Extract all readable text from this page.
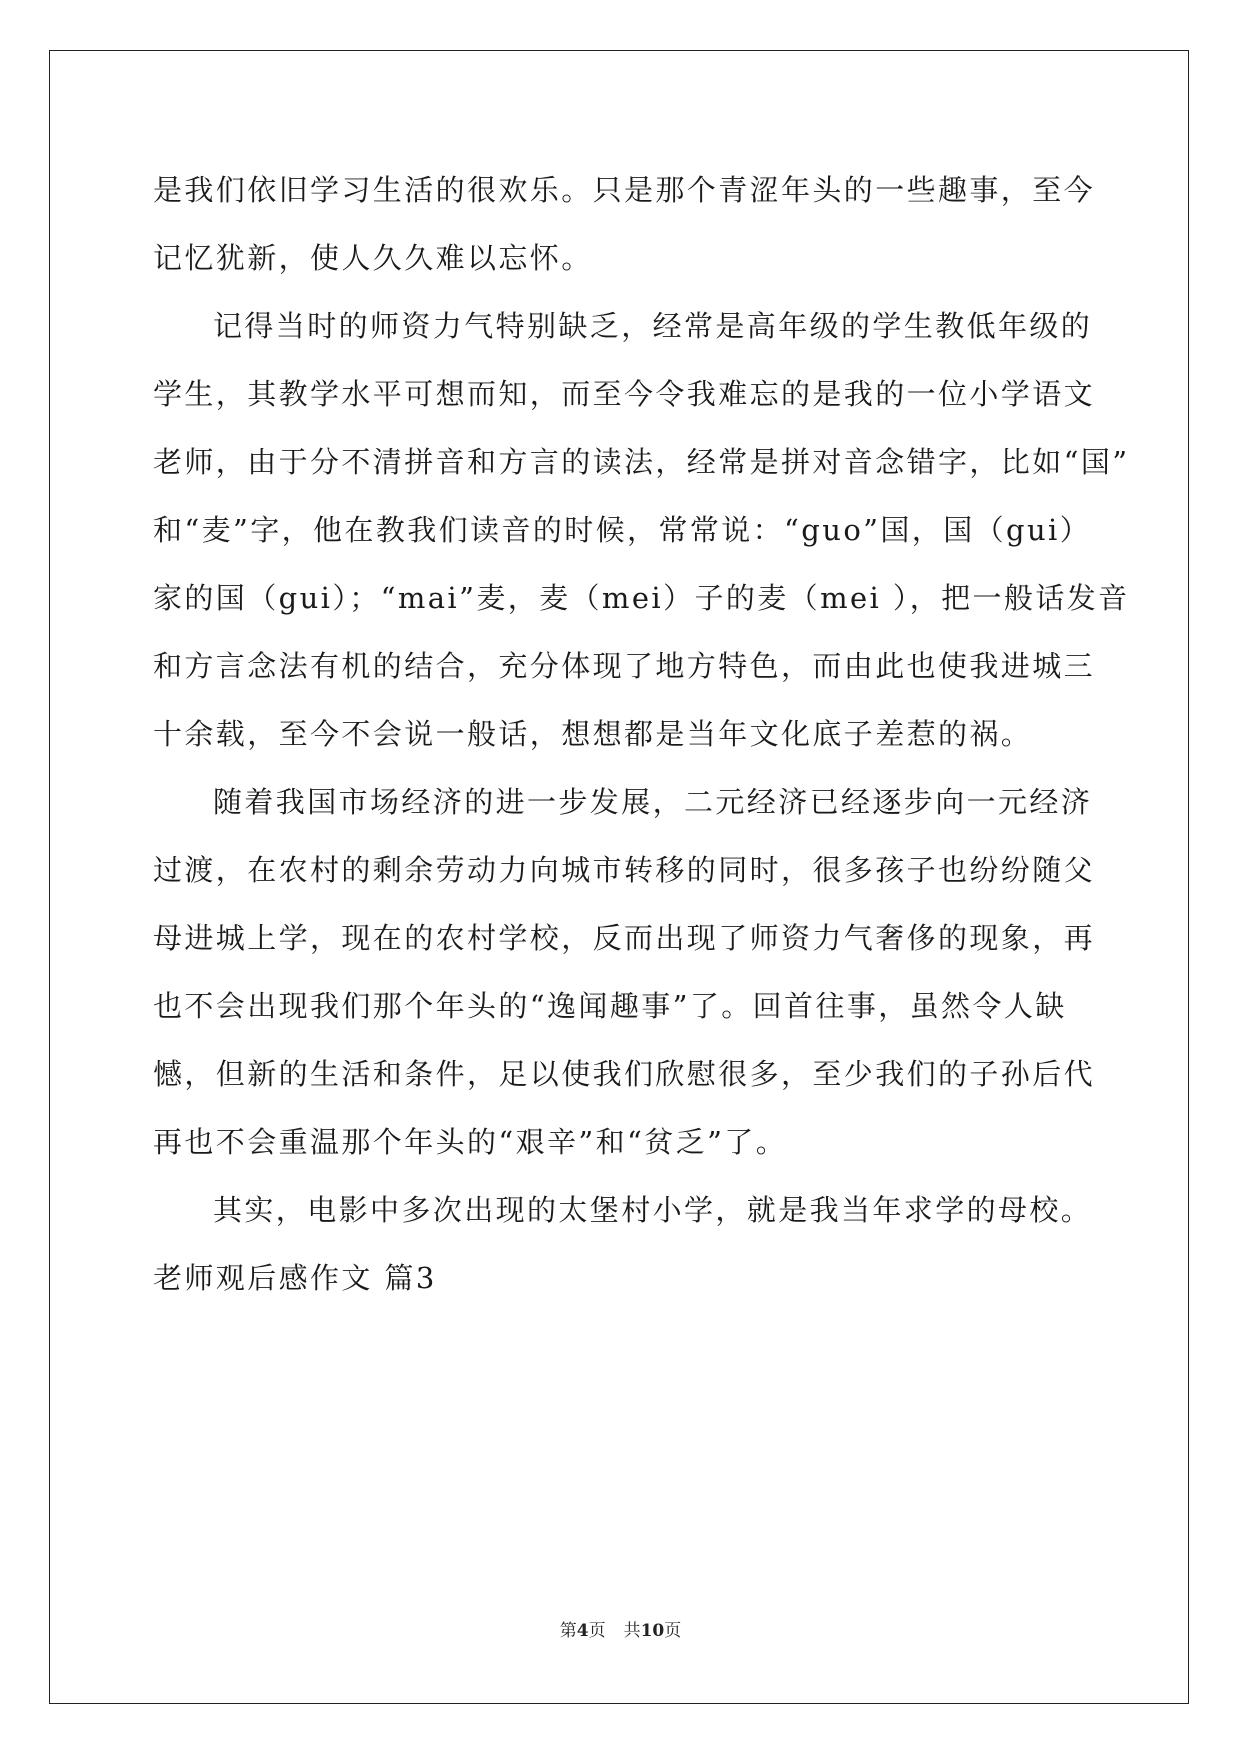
是我们依旧学习生活的很欢乐。只是那个青涩年头的一些趣事，至今
记忆犹新，使人久久难以忘怀。
记得当时的师资力气特别缺乏，经常是高年级的学生教低年级的
学生，其教学水平可想而知，而至今令我难忘的是我的一位小学语文
老师，由于分不清拼音和方言的读法，经常是拼对音念错字，比如“国”
和“麦”字，他在教我们读音的时候，常常说：“guo”国，国（gui）
家的国（gui）；“mai”麦，麦（mei）子的麦（mei ），把一般话发音
和方言念法有机的结合，充分体现了地方特色，而由此也使我进城三
十余载，至今不会说一般话，想想都是当年文化底子差惹的祸。
随着我国市场经济的进一步发展，二元经济已经逐步向一元经济
过渡，在农村的剩余劳动力向城市转移的同时，很多孩子也纷纷随父
母进城上学，现在的农村学校，反而出现了师资力气奢侈的现象，再
也不会出现我们那个年头的“逸闻趣事”了。回首往事，虽然令人缺
憾，但新的生活和条件，足以使我们欣慰很多，至少我们的子孙后代
再也不会重温那个年头的“艰辛”和“贫乏”了。
其实，电影中多次出现的太堡村小学，就是我当年求学的母校。
老师观后感作文 篇3
第4页 共10页
